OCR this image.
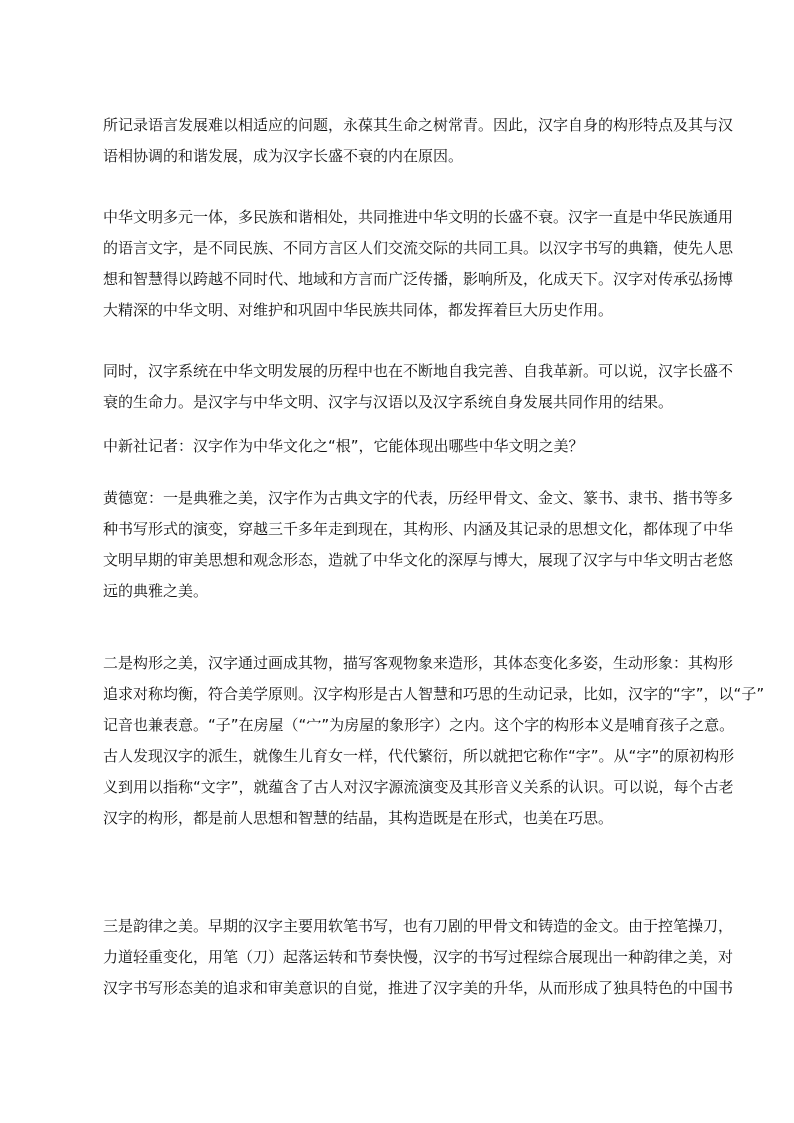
所记录语言发展难以相适应的问题，永葆其生命之树常青。因此，汉字自身的构形特点及其与汉
语相协调的和谐发展，成为汉字长盛不衰的内在原因。
中华文明多元一体，多民族和谐相处，共同推进中华文明的长盛不衰。汉字一直是中华民族通用
的语言文字，是不同民族、不同方言区人们交流交际的共同工具。以汉字书写的典籍，使先人思
想和智慧得以跨越不同时代、地域和方言而广泛传播，影响所及，化成天下。汉字对传承弘扬博
大精深的中华文明、对维护和巩固中华民族共同体，都发挥着巨大历史作用。
同时，汉字系统在中华文明发展的历程中也在不断地自我完善、自我革新。可以说，汉字长盛不
衰的生命力。是汉字与中华文明、汉字与汉语以及汉字系统自身发展共同作用的结果。
中新社记者：汉字作为中华文化之“根”，它能体现出哪些中华文明之美？
黄德宽：一是典雅之美，汉字作为古典文字的代表，历经甲骨文、金文、篆书、隶书、揩书等多
种书写形式的演变，穿越三千多年走到现在，其构形、内涵及其记录的思想文化，都体现了中华
文明早期的审美思想和观念形态，造就了中华文化的深厚与博大，展现了汉字与中华文明古老悠
远的典雅之美。
二是构形之美，汉字通过画成其物，描写客观物象来造形，其体态变化多姿，生动形象：其构形
追求对称均衡，符合美学原则。汉字构形是古人智慧和巧思的生动记录，比如，汉字的“字”，以“子”
记音也兼表意。“子”在房屋（“宀”为房屋的象形字）之内。这个字的构形本义是哺育孩子之意。
古人发现汉字的派生，就像生儿育女一样，代代繁衍，所以就把它称作“字”。从“字”的原初构形
义到用以指称“文字”，就蕴含了古人对汉字源流演变及其形音义关系的认识。可以说，每个古老
汉字的构形，都是前人思想和智慧的结晶，其构造既是在形式，也美在巧思。
三是韵律之美。早期的汉字主要用软笔书写，也有刀剧的甲骨文和铸造的金文。由于控笔操刀，
力道轻重变化，用笔（刀）起落运转和节奏快慢，汉字的书写过程综合展现出一种韵律之美，对
汉字书写形态美的追求和审美意识的自觉，推进了汉字美的升华，从而形成了独具特色的中国书
